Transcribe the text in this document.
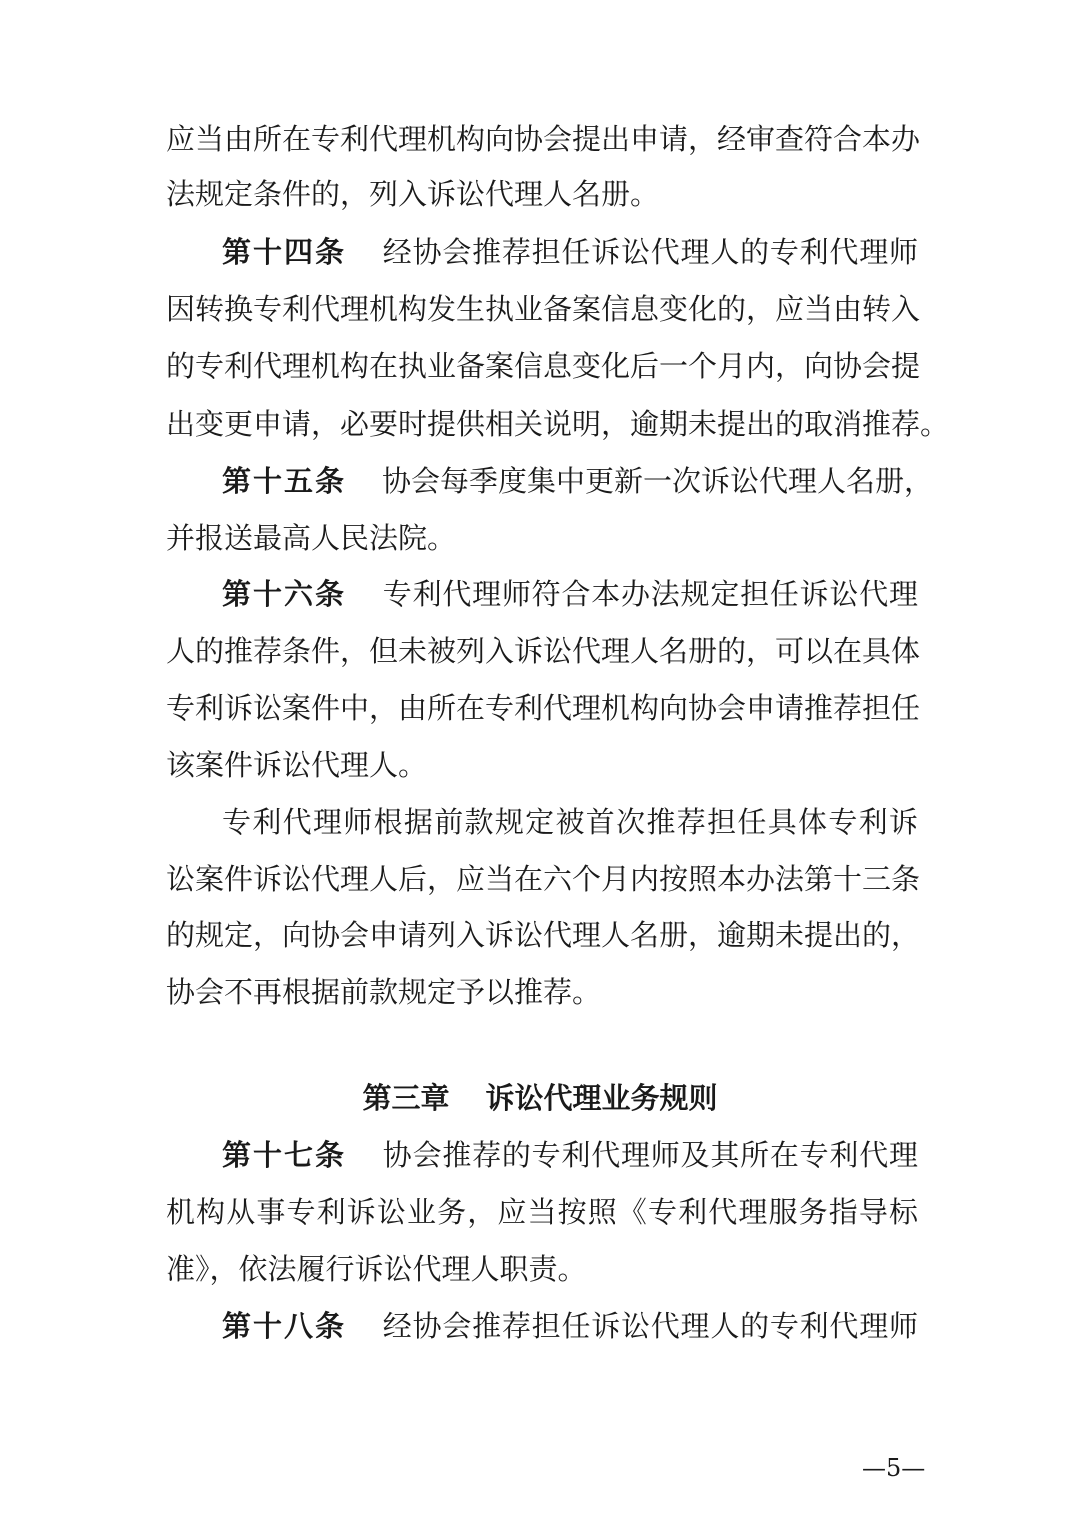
应当由所在专利代理机构向协会提出申请，经审查符合本办
法规定条件的，列入诉讼代理人名册。
第十四条 经协会推荐担任诉讼代理人的专利代理师
因转换专利代理机构发生执业备案信息变化的，应当由转入
的专利代理机构在执业备案信息变化后一个月内，向协会提
出变更申请，必要时提供相关说明，逾期未提出的取消推荐。
第十五条 协会每季度集中更新一次诉讼代理人名册，
并报送最高人民法院。
第十六条 专利代理师符合本办法规定担任诉讼代理
人的推荐条件，但未被列入诉讼代理人名册的，可以在具体
专利诉讼案件中，由所在专利代理机构向协会申请推荐担任
该案件诉讼代理人。
专利代理师根据前款规定被首次推荐担任具体专利诉
讼案件诉讼代理人后，应当在六个月内按照本办法第十三条
的规定，向协会申请列入诉讼代理人名册，逾期未提出的，
协会不再根据前款规定予以推荐。
第三章 诉讼代理业务规则
第十七条 协会推荐的专利代理师及其所在专利代理
机构从事专利诉讼业务，应当按照《专利代理服务指导标
准》，依法履行诉讼代理人职责。
第十八条 经协会推荐担任诉讼代理人的专利代理师
—5—
